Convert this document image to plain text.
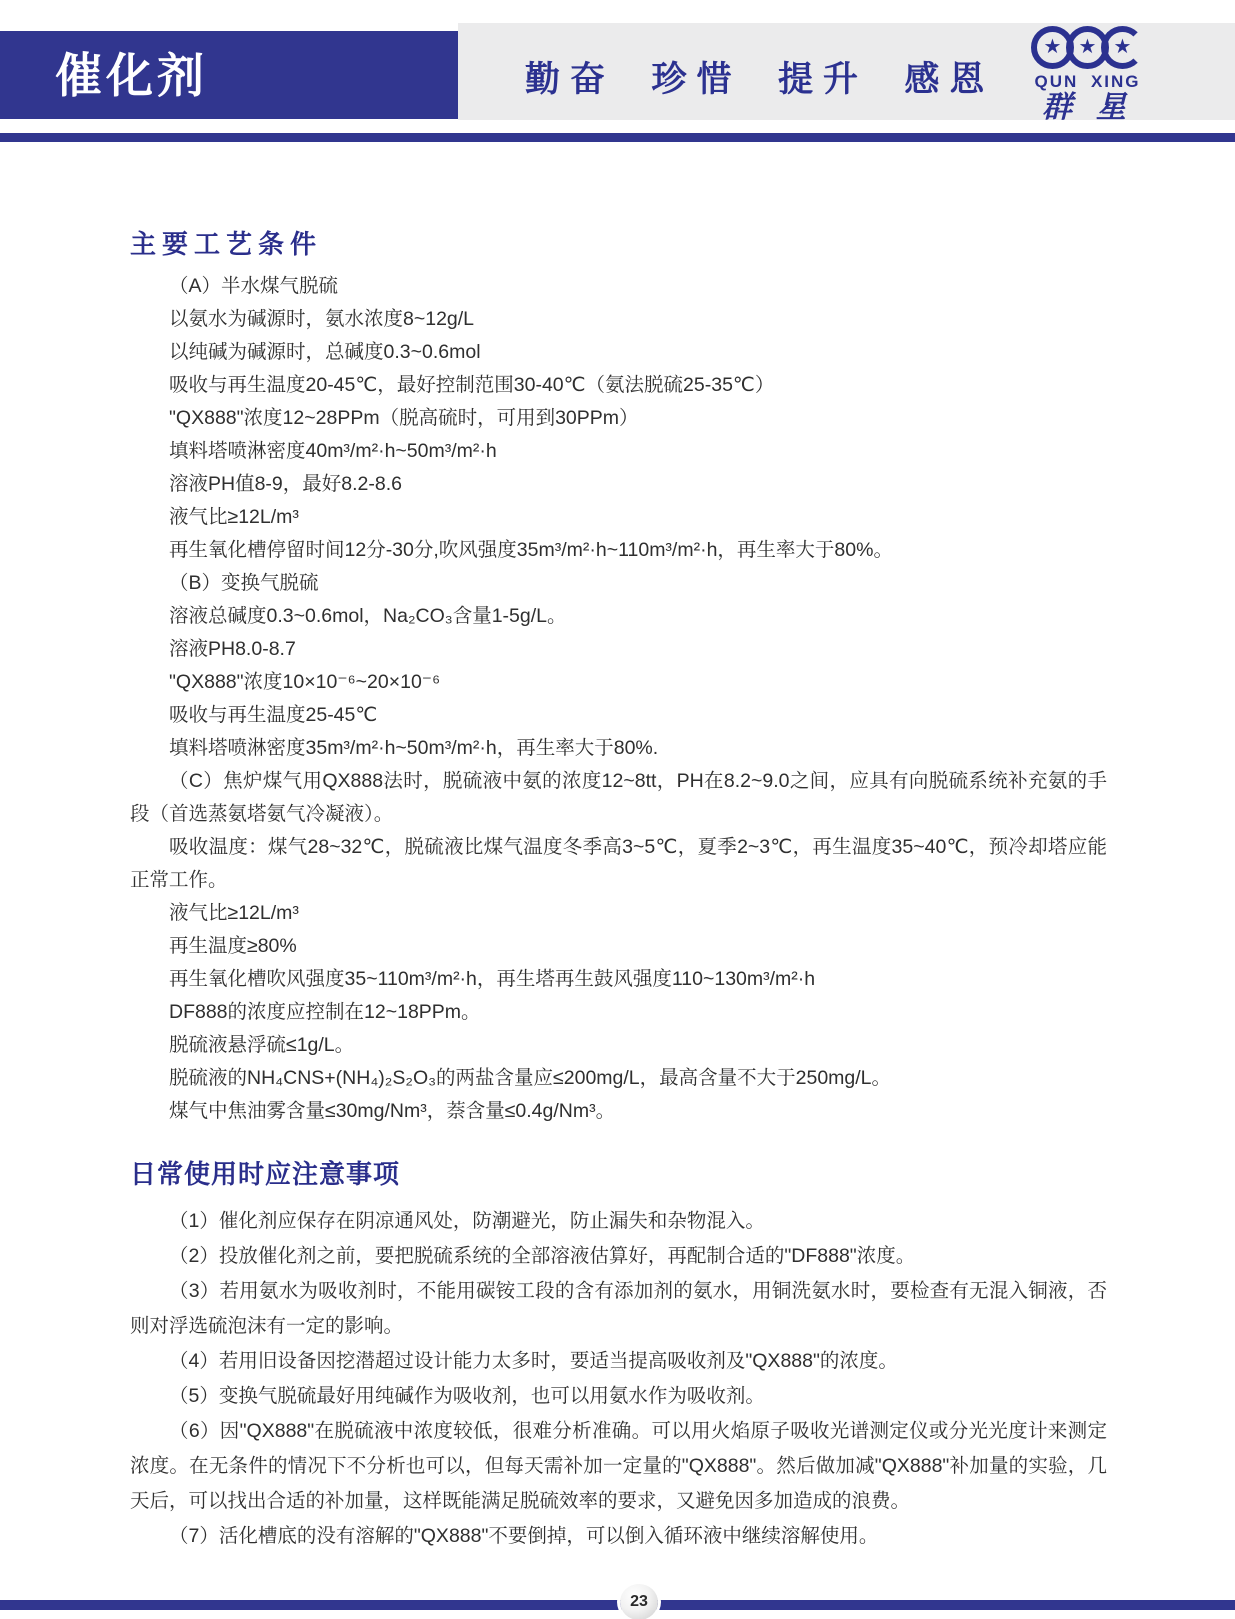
催化剂	勤奋 珍惜 提升 感恩
★ ★ ★
QUN XING
群星
主要工艺条件

（A）半水煤气脱硫

以氨水为碱源时，氨水浓度8~12g/L

以纯碱为碱源时，总碱度0.3~0.6mol

吸收与再生温度20-45℃，最好控制范围30-40℃（氨法脱硫25-35℃）

"QX888"浓度12~28PPm（脱高硫时，可用到30PPm）

填料塔喷淋密度40m³/m²·h~50m³/m²·h

溶液PH值8-9，最好8.2-8.6

液气比≥12L/m³

再生氧化槽停留时间12分-30分,吹风强度35m³/m²·h~110m³/m²·h，再生率大于80%。

（B）变换气脱硫

溶液总碱度0.3~0.6mol，Na₂CO₃含量1-5g/L。

溶液PH8.0-8.7

"QX888"浓度10×10⁻⁶~20×10⁻⁶

吸收与再生温度25-45℃

填料塔喷淋密度35m³/m²·h~50m³/m²·h，再生率大于80%.

（C）焦炉煤气用QX888法时，脱硫液中氨的浓度12~8tt，PH在8.2~9.0之间，应具有向脱硫系统补充氨的手段（首选蒸氨塔氨气冷凝液）。

吸收温度：煤气28~32℃，脱硫液比煤气温度冬季高3~5℃，夏季2~3℃，再生温度35~40℃，预冷却塔应能正常工作。

液气比≥12L/m³

再生温度≥80%

再生氧化槽吹风强度35~110m³/m²·h，再生塔再生鼓风强度110~130m³/m²·h

DF888的浓度应控制在12~18PPm。

脱硫液悬浮硫≤1g/L。

脱硫液的NH₄CNS+(NH₄)₂S₂O₃的两盐含量应≤200mg/L，最高含量不大于250mg/L。

煤气中焦油雾含量≤30mg/Nm³，萘含量≤0.4g/Nm³。

日常使用时应注意事项

（1）催化剂应保存在阴凉通风处，防潮避光，防止漏失和杂物混入。

（2）投放催化剂之前，要把脱硫系统的全部溶液估算好，再配制合适的"DF888"浓度。

（3）若用氨水为吸收剂时，不能用碳铵工段的含有添加剂的氨水，用铜洗氨水时，要检查有无混入铜液，否则对浮选硫泡沫有一定的影响。

（4）若用旧设备因挖潜超过设计能力太多时，要适当提高吸收剂及"QX888"的浓度。

（5）变换气脱硫最好用纯碱作为吸收剂，也可以用氨水作为吸收剂。

（6）因"QX888"在脱硫液中浓度较低，很难分析准确。可以用火焰原子吸收光谱测定仪或分光光度计来测定浓度。在无条件的情况下不分析也可以，但每天需补加一定量的"QX888"。然后做加减"QX888"补加量的实验，几天后，可以找出合适的补加量，这样既能满足脱硫效率的要求，又避免因多加造成的浪费。

（7）活化槽底的没有溶解的"QX888"不要倒掉，可以倒入循环液中继续溶解使用。

23
